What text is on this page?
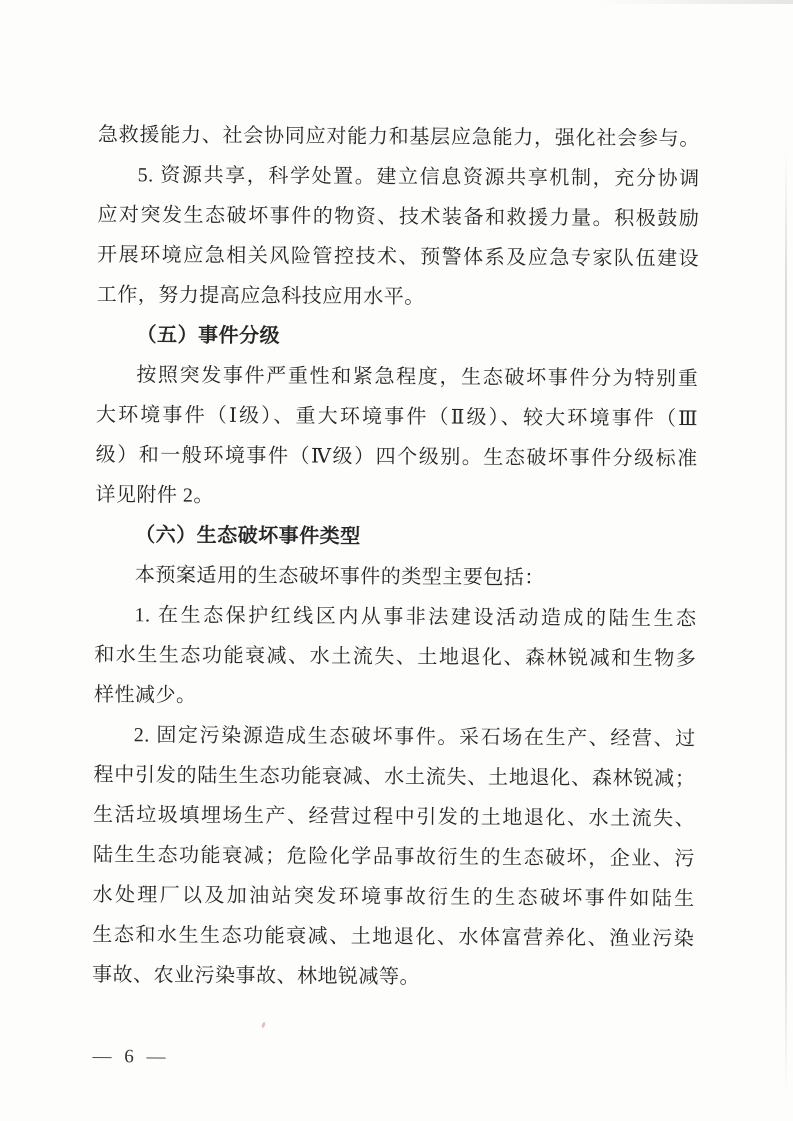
急救援能力、社会协同应对能力和基层应急能力，强化社会参与。
5. 资源共享，科学处置。建立信息资源共享机制，充分协调
应对突发生态破坏事件的物资、技术装备和救援力量。积极鼓励
开展环境应急相关风险管控技术、预警体系及应急专家队伍建设
工作，努力提高应急科技应用水平。
（五）事件分级
按照突发事件严重性和紧急程度，生态破坏事件分为特别重
大环境事件（Ⅰ级）、重大环境事件（Ⅱ级）、较大环境事件（Ⅲ
级）和一般环境事件（Ⅳ级）四个级别。生态破坏事件分级标准
详见附件 2。
（六）生态破坏事件类型
本预案适用的生态破坏事件的类型主要包括：
1. 在生态保护红线区内从事非法建设活动造成的陆生生态
和水生生态功能衰减、水土流失、土地退化、森林锐减和生物多
样性减少。
2. 固定污染源造成生态破坏事件。采石场在生产、经营、过
程中引发的陆生生态功能衰减、水土流失、土地退化、森林锐减；
生活垃圾填埋场生产、经营过程中引发的土地退化、水土流失、
陆生生态功能衰减；危险化学品事故衍生的生态破坏，企业、污
水处理厂以及加油站突发环境事故衍生的生态破坏事件如陆生
生态和水生生态功能衰减、土地退化、水体富营养化、渔业污染
事故、农业污染事故、林地锐减等。
— 6 —
